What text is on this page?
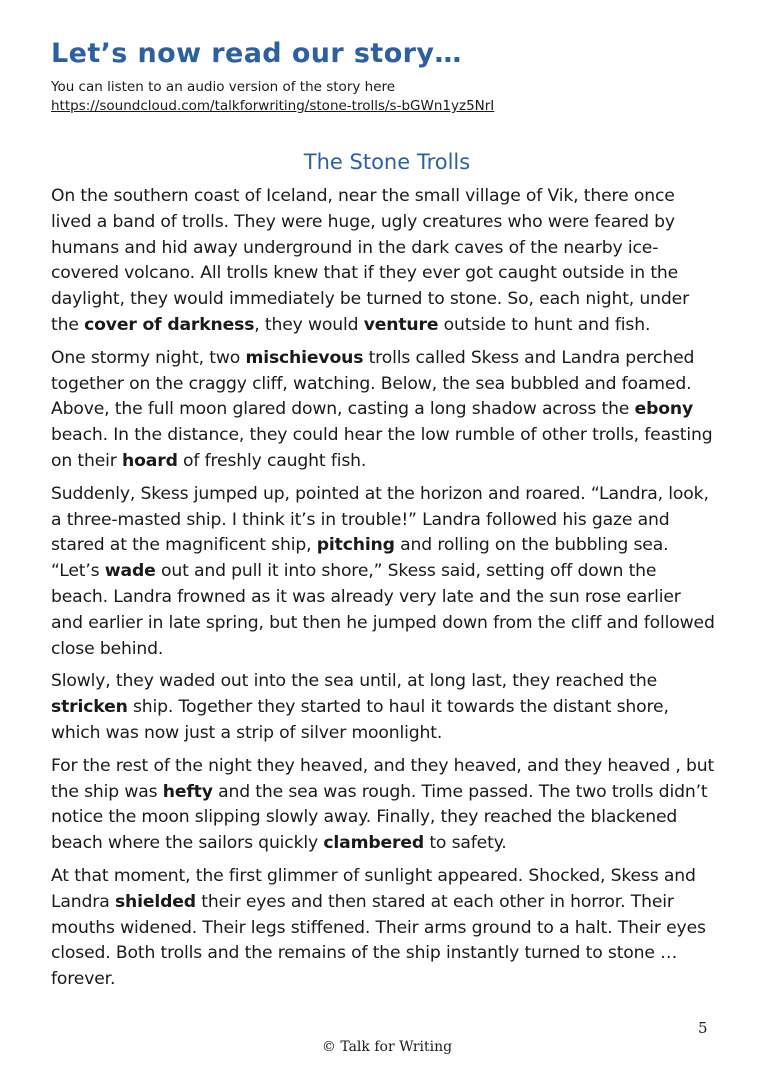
Let’s now read our story…
You can listen to an audio version of the story here
https://soundcloud.com/talkforwriting/stone-trolls/s-bGWn1yz5NrI
The Stone Trolls

On the southern coast of Iceland, near the small village of Vik, there once lived a band of trolls. They were huge, ugly creatures who were feared by humans and hid away underground in the dark caves of the nearby ice-covered volcano. All trolls knew that if they ever got caught outside in the daylight, they would immediately be turned to stone. So, each night, under the cover of darkness, they would venture outside to hunt and fish.

One stormy night, two mischievous trolls called Skess and Landra perched together on the craggy cliff, watching. Below, the sea bubbled and foamed. Above, the full moon glared down, casting a long shadow across the ebony beach. In the distance, they could hear the low rumble of other trolls, feasting on their hoard of freshly caught fish.

Suddenly, Skess jumped up, pointed at the horizon and roared. “Landra, look, a three-masted ship. I think it’s in trouble!” Landra followed his gaze and stared at the magnificent ship, pitching and rolling on the bubbling sea. “Let’s wade out and pull it into shore,” Skess said, setting off down the beach. Landra frowned as it was already very late and the sun rose earlier and earlier in late spring, but then he jumped down from the cliff and followed close behind.

Slowly, they waded out into the sea until, at long last, they reached the stricken ship. Together they started to haul it towards the distant shore, which was now just a strip of silver moonlight.

For the rest of the night they heaved, and they heaved, and they heaved , but the ship was hefty and the sea was rough. Time passed. The two trolls didn’t notice the moon slipping slowly away. Finally, they reached the blackened beach where the sailors quickly clambered to safety.

At that moment, the first glimmer of sunlight appeared. Shocked, Skess and Landra shielded their eyes and then stared at each other in horror. Their mouths widened. Their legs stiffened. Their arms ground to a halt. Their eyes closed. Both trolls and the remains of the ship instantly turned to stone … forever.

5
© Talk for Writing
